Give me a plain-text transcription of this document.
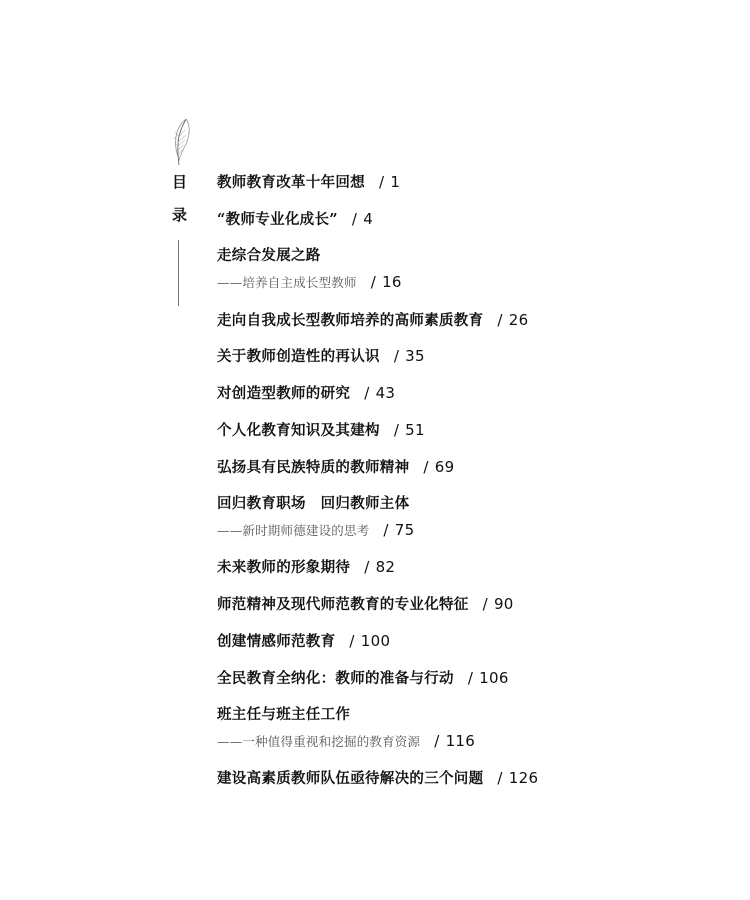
目
录
教师教育改革十年回想 / 1
“教师专业化成长” / 4
走综合发展之路
——培养自主成长型教师 / 16
走向自我成长型教师培养的高师素质教育 / 26
关于教师创造性的再认识 / 35
对创造型教师的研究 / 43
个人化教育知识及其建构 / 51
弘扬具有民族特质的教师精神 / 69
回归教育职场　回归教师主体
——新时期师德建设的思考 / 75
未来教师的形象期待 / 82
师范精神及现代师范教育的专业化特征 / 90
创建情感师范教育 / 100
全民教育全纳化：教师的准备与行动 / 106
班主任与班主任工作
——一种值得重视和挖掘的教育资源 / 116
建设高素质教师队伍亟待解决的三个问题 / 126
